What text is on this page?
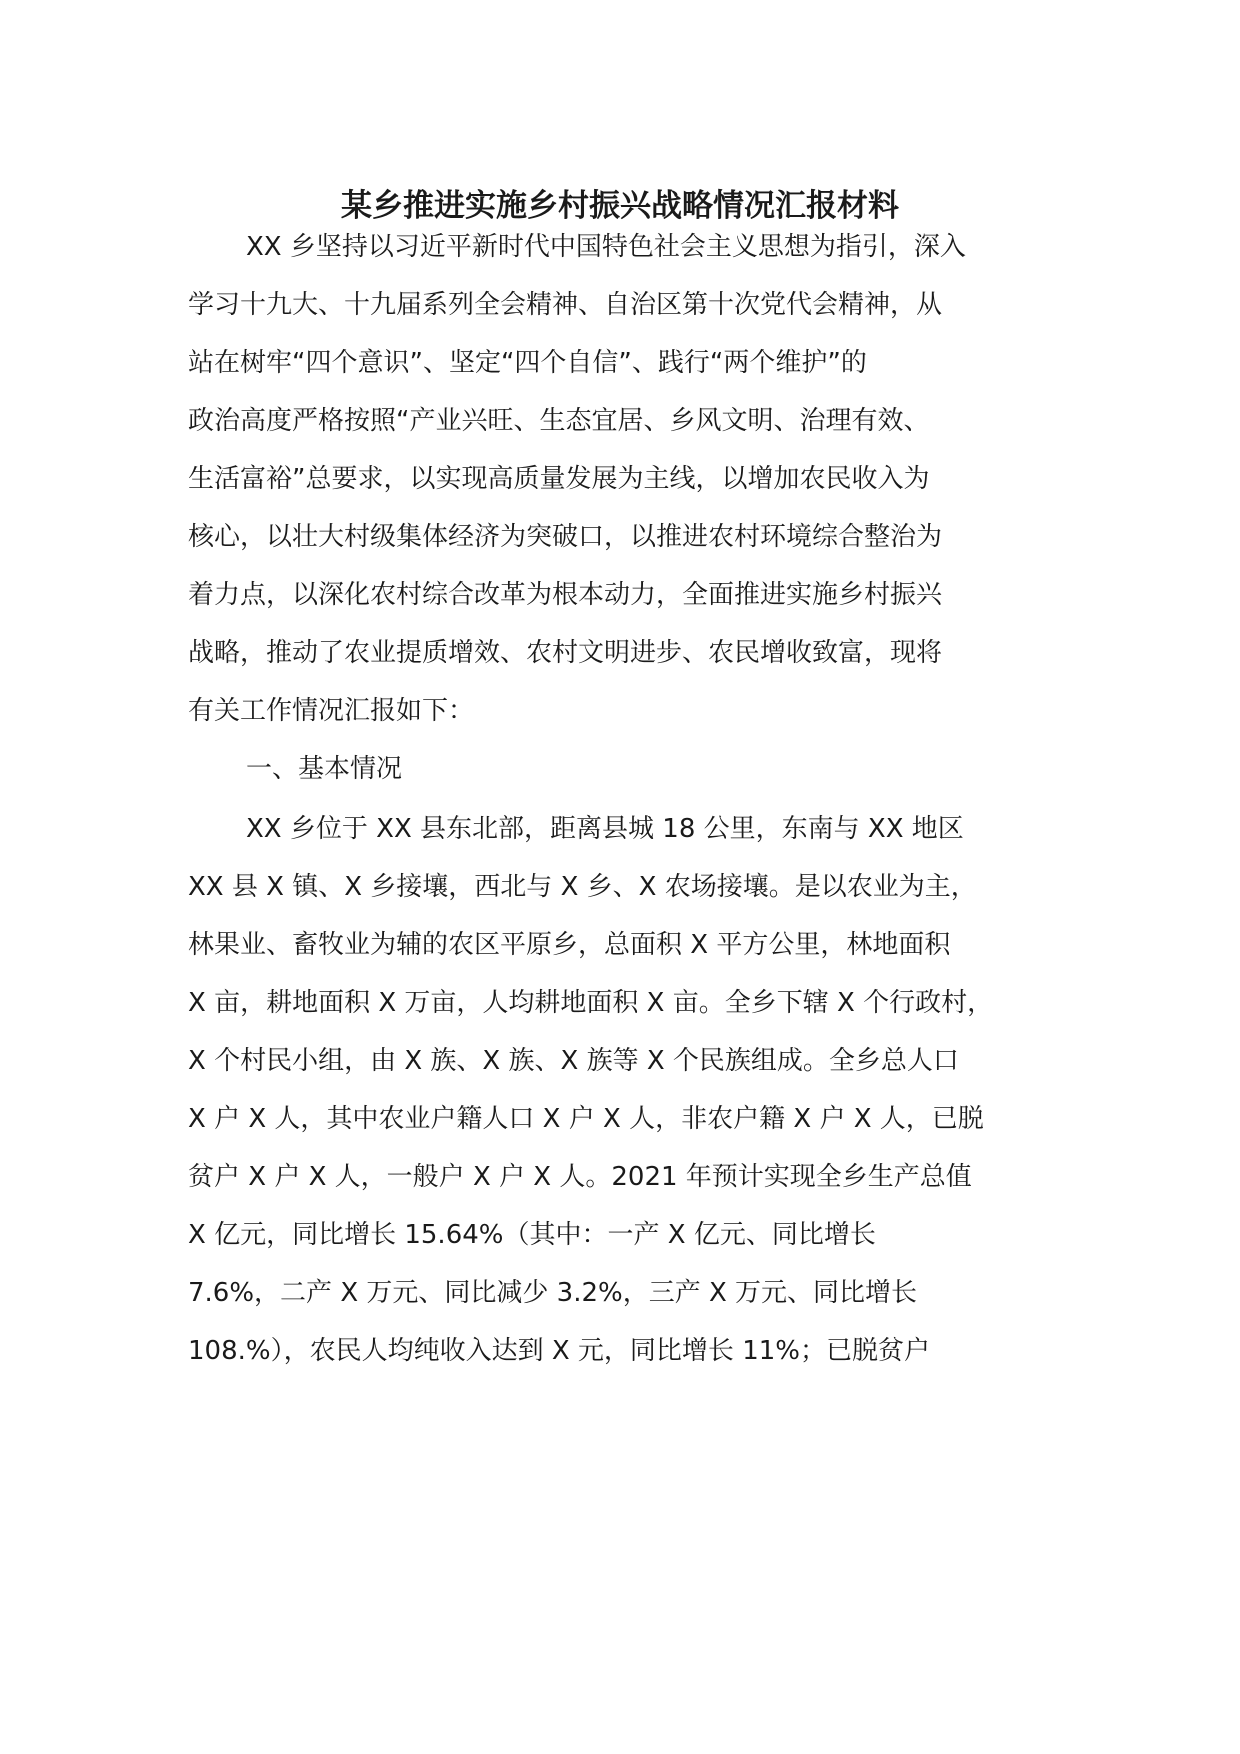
某乡推进实施乡村振兴战略情况汇报材料
XX 乡坚持以习近平新时代中国特色社会主义思想为指引，深入
学习十九大、十九届系列全会精神、自治区第十次党代会精神，从
站在树牢“四个意识”、坚定“四个自信”、践行“两个维护”的
政治高度严格按照“产业兴旺、生态宜居、乡风文明、治理有效、
生活富裕”总要求，以实现高质量发展为主线，以增加农民收入为
核心，以壮大村级集体经济为突破口，以推进农村环境综合整治为
着力点，以深化农村综合改革为根本动力，全面推进实施乡村振兴
战略，推动了农业提质增效、农村文明进步、农民增收致富，现将
有关工作情况汇报如下：
一、基本情况
XX 乡位于 XX 县东北部，距离县城 18 公里，东南与 XX 地区
XX 县 X 镇、X 乡接壤，西北与 X 乡、X 农场接壤。是以农业为主，
林果业、畜牧业为辅的农区平原乡，总面积 X 平方公里，林地面积
X 亩，耕地面积 X 万亩，人均耕地面积 X 亩。全乡下辖 X 个行政村，
X 个村民小组，由 X 族、X 族、X 族等 X 个民族组成。全乡总人口
X 户 X 人，其中农业户籍人口 X 户 X 人，非农户籍 X 户 X 人，已脱
贫户 X 户 X 人，一般户 X 户 X 人。2021 年预计实现全乡生产总值
X 亿元，同比增长 15.64%（其中：一产 X 亿元、同比增长
7.6%，二产 X 万元、同比减少 3.2%，三产 X 万元、同比增长
108.%），农民人均纯收入达到 X 元，同比增长 11%；已脱贫户
